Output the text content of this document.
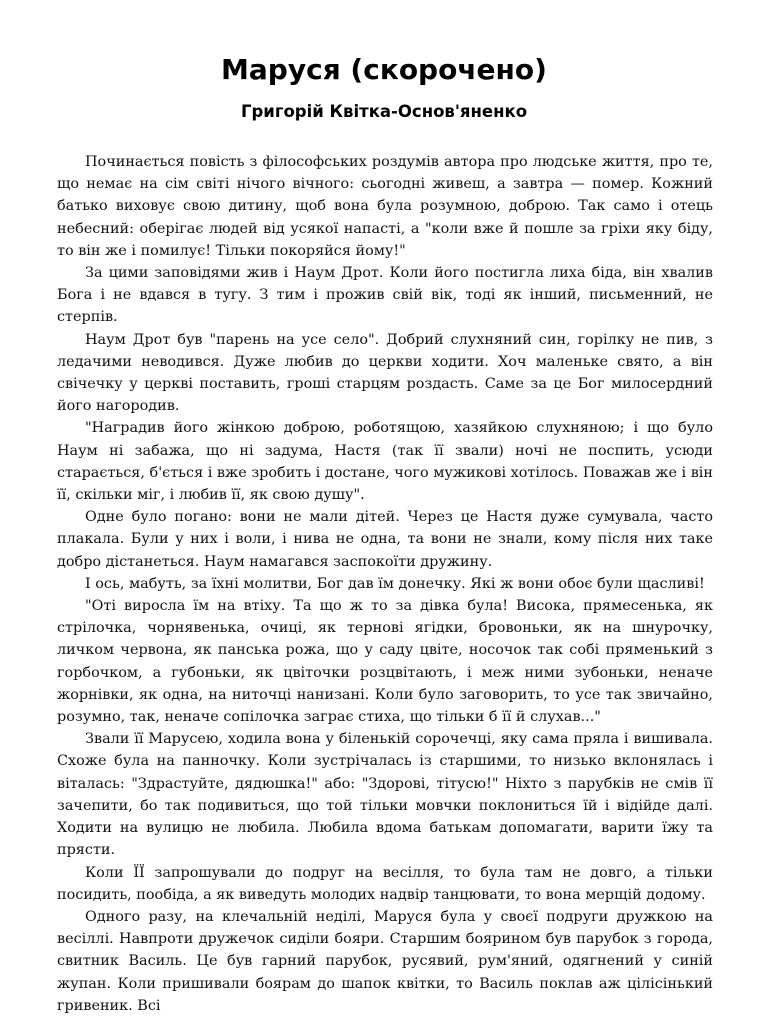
Маруся (скорочено)
Григорій Квітка-Основ'яненко

Починається повість з філософських роздумів автора про людське життя, про те, що немає на сім світі нічого вічного: сьогодні живеш, а завтра — помер. Кожний батько виховує свою дитину, щоб вона була розумною, доброю. Так само і отець небесний: оберігає людей від усякої напасті, а "коли вже й пошле за гріхи яку біду, то він же і помилує! Тільки покоряйся йому!"

За цими заповідями жив і Наум Дрот. Коли його постигла лиха біда, він хвалив Бога і не вдався в тугу. З тим і прожив свій вік, тоді як інший, письменний, не стерпів.

Наум Дрот був "парень на усе село". Добрий слухняний син, горілку не пив, з ледачими неводився. Дуже любив до церкви ходити. Хоч маленьке свято, а він свічечку у церкві поставить, гроші старцям роздасть. Саме за це Бог милосердний його нагородив.

"Наградив його жінкою доброю, роботящою, хазяйкою слухняною; і що було Наум ні забажа, що ні задума, Настя (так її звали) ночі не поспить, усюди старається, б'ється і вже зробить і достане, чого мужикові хотілось. Поважав же і він її, скільки міг, і любив її, як свою душу".

Одне було погано: вони не мали дітей. Через це Настя дуже сумувала, часто плакала. Були у них і воли, і нива не одна, та вони не знали, кому після них таке добро дістанеться. Наум намагався заспокоїти дружину.

І ось, мабуть, за їхні молитви, Бог дав їм донечку. Які ж вони обоє були щасливі!

"Оті виросла їм на втіху. Та що ж то за дівка була! Висока, прямесенька, як стрілочка, чорнявенька, очиці, як тернові ягідки, бровоньки, як на шнурочку, личком червона, як панська рожа, що у саду цвіте, носочок так собі пряменький з горбочком, а губоньки, як цвіточки розцвітають, і меж ними зубоньки, неначе жорнівки, як одна, на ниточці нанизані. Коли було заговорить, то усе так звичайно, розумно, так, неначе сопілочка заграє стиха, що тільки б її й слухав..."

Звали її Марусею, ходила вона у біленькій сорочечці, яку сама пряла і вишивала. Схоже була на панночку. Коли зустрічалась із старшими, то низько вклонялась і віталась: "Здрастуйте, дядюшка!" або: "Здорові, тітусю!" Ніхто з парубків не смів її зачепити, бо так подивиться, що той тільки мовчки поклониться їй і відійде далі. Ходити на вулицю не любила. Любила вдома батькам допомагати, варити їжу та прясти.

Коли ЇЇ запрошували до подруг на весілля, то була там не довго, а тільки посидить, пообіда, а як виведуть молодих надвір танцювати, то вона мерщій додому.

Одного разу, на клечальній неділі, Маруся була у своєї подруги дружкою на весіллі. Навпроти дружечок сиділи бояри. Старшим боярином був парубок з города, свитник Василь. Це був гарний парубок, русявий, рум'яний, одягнений у синій жупан. Коли пришивали боярам до шапок квітки, то Василь поклав аж цілісінький гривеник. Всі
